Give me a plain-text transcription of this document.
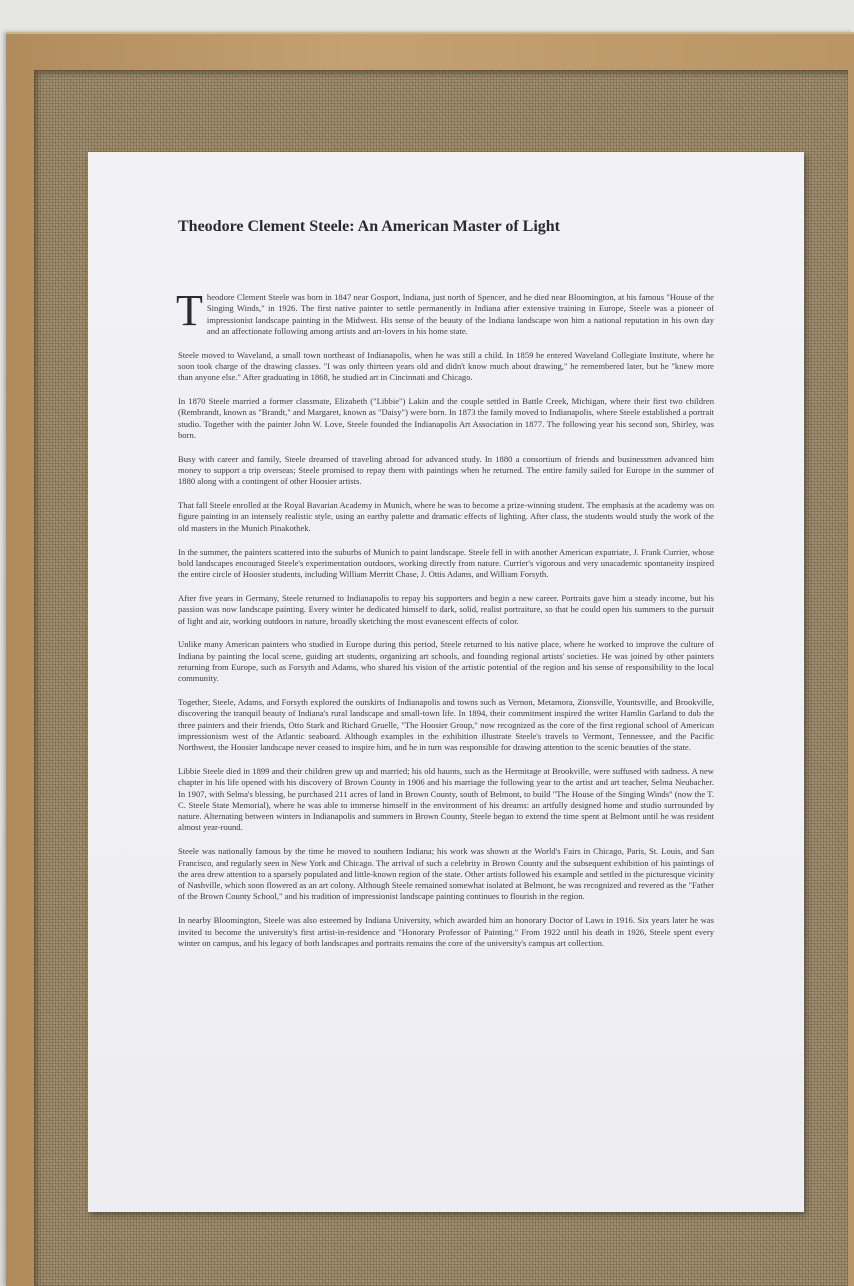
Theodore Clement Steele: An American Master of Light
Theodore Clement Steele was born in 1847 near Gosport, Indiana, just north of Spencer, and he died near Bloomington, at his famous "House of the Singing Winds," in 1926. The first native painter to settle permanently in Indiana after extensive training in Europe, Steele was a pioneer of impressionist landscape painting in the Midwest. His sense of the beauty of the Indiana landscape won him a national reputation in his own day and an affectionate following among artists and art-lovers in his home state.
Steele moved to Waveland, a small town northeast of Indianapolis, when he was still a child. In 1859 he entered Waveland Collegiate Institute, where he soon took charge of the drawing classes. "I was only thirteen years old and didn't know much about drawing," he remembered later, but he "knew more than anyone else." After graduating in 1868, he studied art in Cincinnati and Chicago.
In 1870 Steele married a former classmate, Elizabeth ("Libbie") Lakin and the couple settled in Battle Creek, Michigan, where their first two children (Rembrandt, known as "Brandt," and Margaret, known as "Daisy") were born. In 1873 the family moved to Indianapolis, where Steele established a portrait studio. Together with the painter John W. Love, Steele founded the Indianapolis Art Association in 1877. The following year his second son, Shirley, was born.
Busy with career and family, Steele dreamed of traveling abroad for advanced study. In 1880 a consortium of friends and businessmen advanced him money to support a trip overseas; Steele promised to repay them with paintings when he returned. The entire family sailed for Europe in the summer of 1880 along with a contingent of other Hoosier artists.
That fall Steele enrolled at the Royal Bavarian Academy in Munich, where he was to become a prize-winning student. The emphasis at the academy was on figure painting in an intensely realistic style, using an earthy palette and dramatic effects of lighting. After class, the students would study the work of the old masters in the Munich Pinakothek.
In the summer, the painters scattered into the suburbs of Munich to paint landscape. Steele fell in with another American expatriate, J. Frank Currier, whose bold landscapes encouraged Steele's experimentation outdoors, working directly from nature. Currier's vigorous and very unacademic spontaneity inspired the entire circle of Hoosier students, including William Merritt Chase, J. Ottis Adams, and William Forsyth.
After five years in Germany, Steele returned to Indianapolis to repay his supporters and begin a new career. Portraits gave him a steady income, but his passion was now landscape painting. Every winter he dedicated himself to dark, solid, realist portraiture, so that he could open his summers to the pursuit of light and air, working outdoors in nature, broadly sketching the most evanescent effects of color.
Unlike many American painters who studied in Europe during this period, Steele returned to his native place, where he worked to improve the culture of Indiana by painting the local scene, guiding art students, organizing art schools, and founding regional artists' societies. He was joined by other painters returning from Europe, such as Forsyth and Adams, who shared his vision of the artistic potential of the region and his sense of responsibility to the local community.
Together, Steele, Adams, and Forsyth explored the outskirts of Indianapolis and towns such as Vernon, Metamora, Zionsville, Yountsville, and Brookville, discovering the tranquil beauty of Indiana's rural landscape and small-town life. In 1894, their commitment inspired the writer Hamlin Garland to dub the three painters and their friends, Otto Stark and Richard Gruelle, "The Hoosier Group," now recognized as the core of the first regional school of American impressionism west of the Atlantic seaboard. Although examples in the exhibition illustrate Steele's travels to Vermont, Tennessee, and the Pacific Northwest, the Hoosier landscape never ceased to inspire him, and he in turn was responsible for drawing attention to the scenic beauties of the state.
Libbie Steele died in 1899 and their children grew up and married; his old haunts, such as the Hermitage at Brookville, were suffused with sadness. A new chapter in his life opened with his discovery of Brown County in 1906 and his marriage the following year to the artist and art teacher, Selma Neubacher. In 1907, with Selma's blessing, he purchased 211 acres of land in Brown County, south of Belmont, to build "The House of the Singing Winds" (now the T. C. Steele State Memorial), where he was able to immerse himself in the environment of his dreams: an artfully designed home and studio surrounded by nature. Alternating between winters in Indianapolis and summers in Brown County, Steele began to extend the time spent at Belmont until he was resident almost year-round.
Steele was nationally famous by the time he moved to southern Indiana; his work was shown at the World's Fairs in Chicago, Paris, St. Louis, and San Francisco, and regularly seen in New York and Chicago. The arrival of such a celebrity in Brown County and the subsequent exhibition of his paintings of the area drew attention to a sparsely populated and little-known region of the state. Other artists followed his example and settled in the picturesque vicinity of Nashville, which soon flowered as an art colony. Although Steele remained somewhat isolated at Belmont, he was recognized and revered as the "Father of the Brown County School," and his tradition of impressionist landscape painting continues to flourish in the region.
In nearby Bloomington, Steele was also esteemed by Indiana University, which awarded him an honorary Doctor of Laws in 1916. Six years later he was invited to become the university's first artist-in-residence and "Honorary Professor of Painting." From 1922 until his death in 1926, Steele spent every winter on campus, and his legacy of both landscapes and portraits remains the core of the university's campus art collection.
